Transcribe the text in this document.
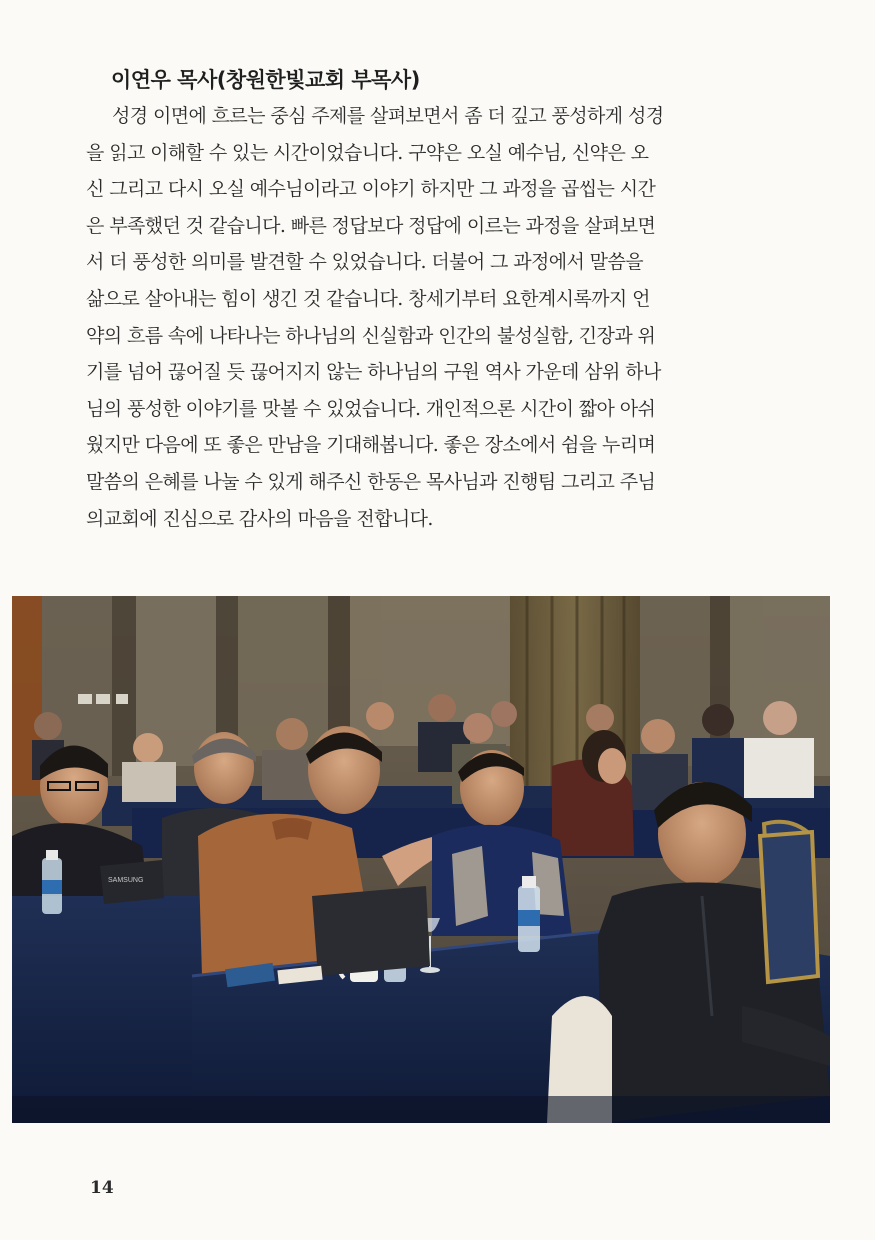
이연우 목사(창원한빛교회 부목사)

성경 이면에 흐르는 중심 주제를 살펴보면서 좀 더 깊고 풍성하게 성경
을 읽고 이해할 수 있는 시간이었습니다. 구약은 오실 예수님, 신약은 오
신 그리고 다시 오실 예수님이라고 이야기 하지만 그 과정을 곱씹는 시간
은 부족했던 것 같습니다. 빠른 정답보다 정답에 이르는 과정을 살펴보면
서 더 풍성한 의미를 발견할 수 있었습니다. 더불어 그 과정에서 말씀을
삶으로 살아내는 힘이 생긴 것 같습니다. 창세기부터 요한계시록까지 언
약의 흐름 속에 나타나는 하나님의 신실함과 인간의 불성실함, 긴장과 위
기를 넘어 끊어질 듯 끊어지지 않는 하나님의 구원 역사 가운데 삼위 하나
님의 풍성한 이야기를 맛볼 수 있었습니다. 개인적으론 시간이 짧아 아쉬
웠지만 다음에 또 좋은 만남을 기대해봅니다. 좋은 장소에서 쉼을 누리며
말씀의 은혜를 나눌 수 있게 해주신 한동은 목사님과 진행팀 그리고 주님
의교회에 진심으로 감사의 마음을 전합니다.

SAMSUNG

14
